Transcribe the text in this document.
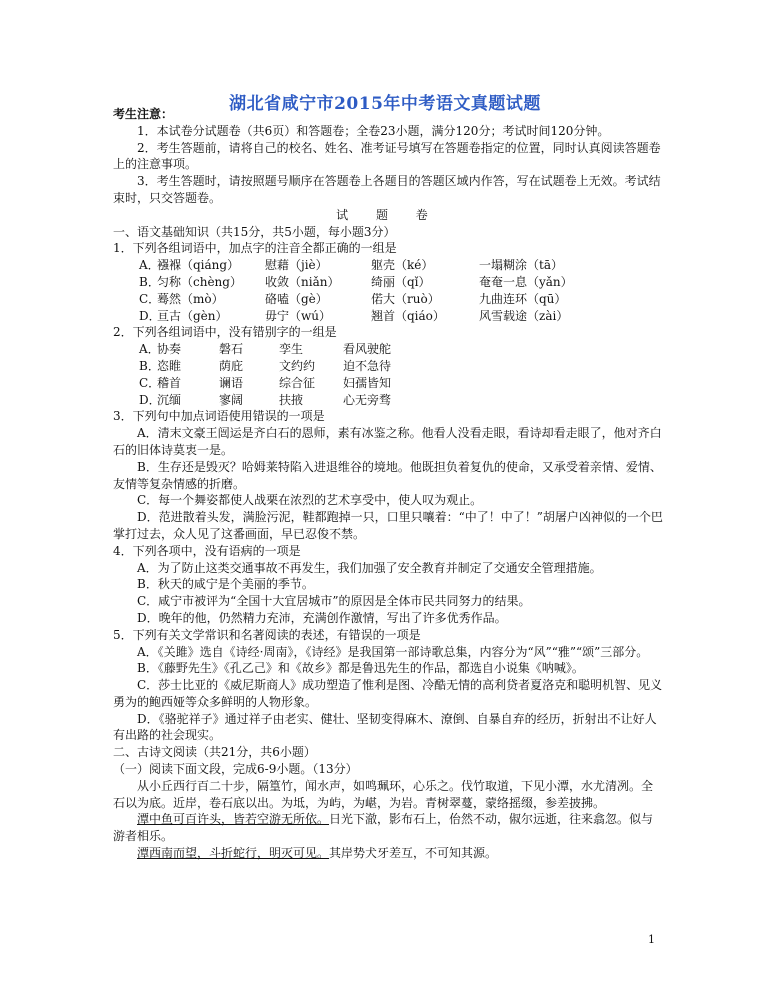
湖北省咸宁市2015年中考语文真题试题

考生注意：

1．本试卷分试题卷（共6页）和答题卷；全卷23小题，满分120分；考试时间120分钟。

2．考生答题前，请将自己的校名、姓名、准考证号填写在答题卷指定的位置，同时认真阅读答题卷上的注意事项。

3．考生答题时，请按照题号顺序在答题卷上各题目的答题区域内作答，写在试题卷上无效。考试结束时，只交答题卷。

试 题 卷

一、语文基础知识（共15分，共5小题，每小题3分）

1．下列各组词语中，加点字的注音全都正确的一组是

A．
襁褓（qiáng）	慰藉（jiè）	躯壳（ké）	一塌糊涂（tā）
B．
匀称（chèng）	收敛（niǎn）	绮丽（qǐ）	奄奄一息（yǎn）
C．
蓦然（mò）	硌嗑（gè）	偌大（ruò）	九曲连环（qū）
D．
亘古（gèn）	毋宁（wú）	翘首（qiáo）	风雪载途（zài）

2．下列各组词语中，没有错别字的一组是

A．
协奏	磐石	孪生	看风驶舵
B．
恣睢	荫庇	文约约	迫不急待
C．
稽首	谰语	综合征	妇孺皆知
D．
沉缅	寥阔	扶掖	心无旁骛

3．下列句中加点词语使用错误的一项是

A．清末文豪王闿运是齐白石的恩师，素有冰鉴之称。他看人没看走眼，看诗却看走眼了，他对齐白石的旧体诗莫衷一是。

B．生存还是毁灭？哈姆莱特陷入进退维谷的境地。他既担负着复仇的使命，又承受着亲情、爱情、友情等复杂情感的折磨。

C．每一个舞姿都使人战栗在浓烈的艺术享受中，使人叹为观止。

D．范进散着头发，满脸污泥，鞋都跑掉一只，口里只嚷着：“中了！中了！”胡屠户凶神似的一个巴掌打过去，众人见了这番画面，早已忍俊不禁。

4．下列各项中，没有语病的一项是

A．为了防止这类交通事故不再发生，我们加强了安全教育并制定了交通安全管理措施。

B．秋天的咸宁是个美丽的季节。

C．咸宁市被评为“全国十大宜居城市”的原因是全体市民共同努力的结果。

D．晚年的他，仍然精力充沛，充满创作激情，写出了许多优秀作品。

5．下列有关文学常识和名著阅读的表述，有错误的一项是

A．《关雎》选自《诗经·周南》，《诗经》是我国第一部诗歌总集，内容分为“风”“雅”“颂”三部分。

B．《藤野先生》《孔乙己》和《故乡》都是鲁迅先生的作品，都选自小说集《呐喊》。

C．莎士比亚的《威尼斯商人》成功塑造了惟利是图、冷酷无情的高利贷者夏洛克和聪明机智、见义勇为的鲍西娅等众多鲜明的人物形象。

D．《骆驼祥子》通过祥子由老实、健壮、坚韧变得麻木、潦倒、自暴自弃的经历，折射出不让好人有出路的社会现实。

二、古诗文阅读（共21分，共6小题）

（一）阅读下面文段，完成6-9小题。（13分）

从小丘西行百二十步，隔篁竹，闻水声，如鸣珮环，心乐之。伐竹取道，下见小潭，水尤清冽。全石以为底。近岸，卷石底以出。为坻，为屿，为嵁，为岩。青树翠蔓，蒙络摇缀，参差披拂。

潭中鱼可百许头，皆若空游无所依。日光下澈，影布石上，佁然不动，俶尔远逝，往来翕忽。似与游者相乐。

潭西南而望，斗折蛇行，明灭可见。其岸势犬牙差互，不可知其源。

1
